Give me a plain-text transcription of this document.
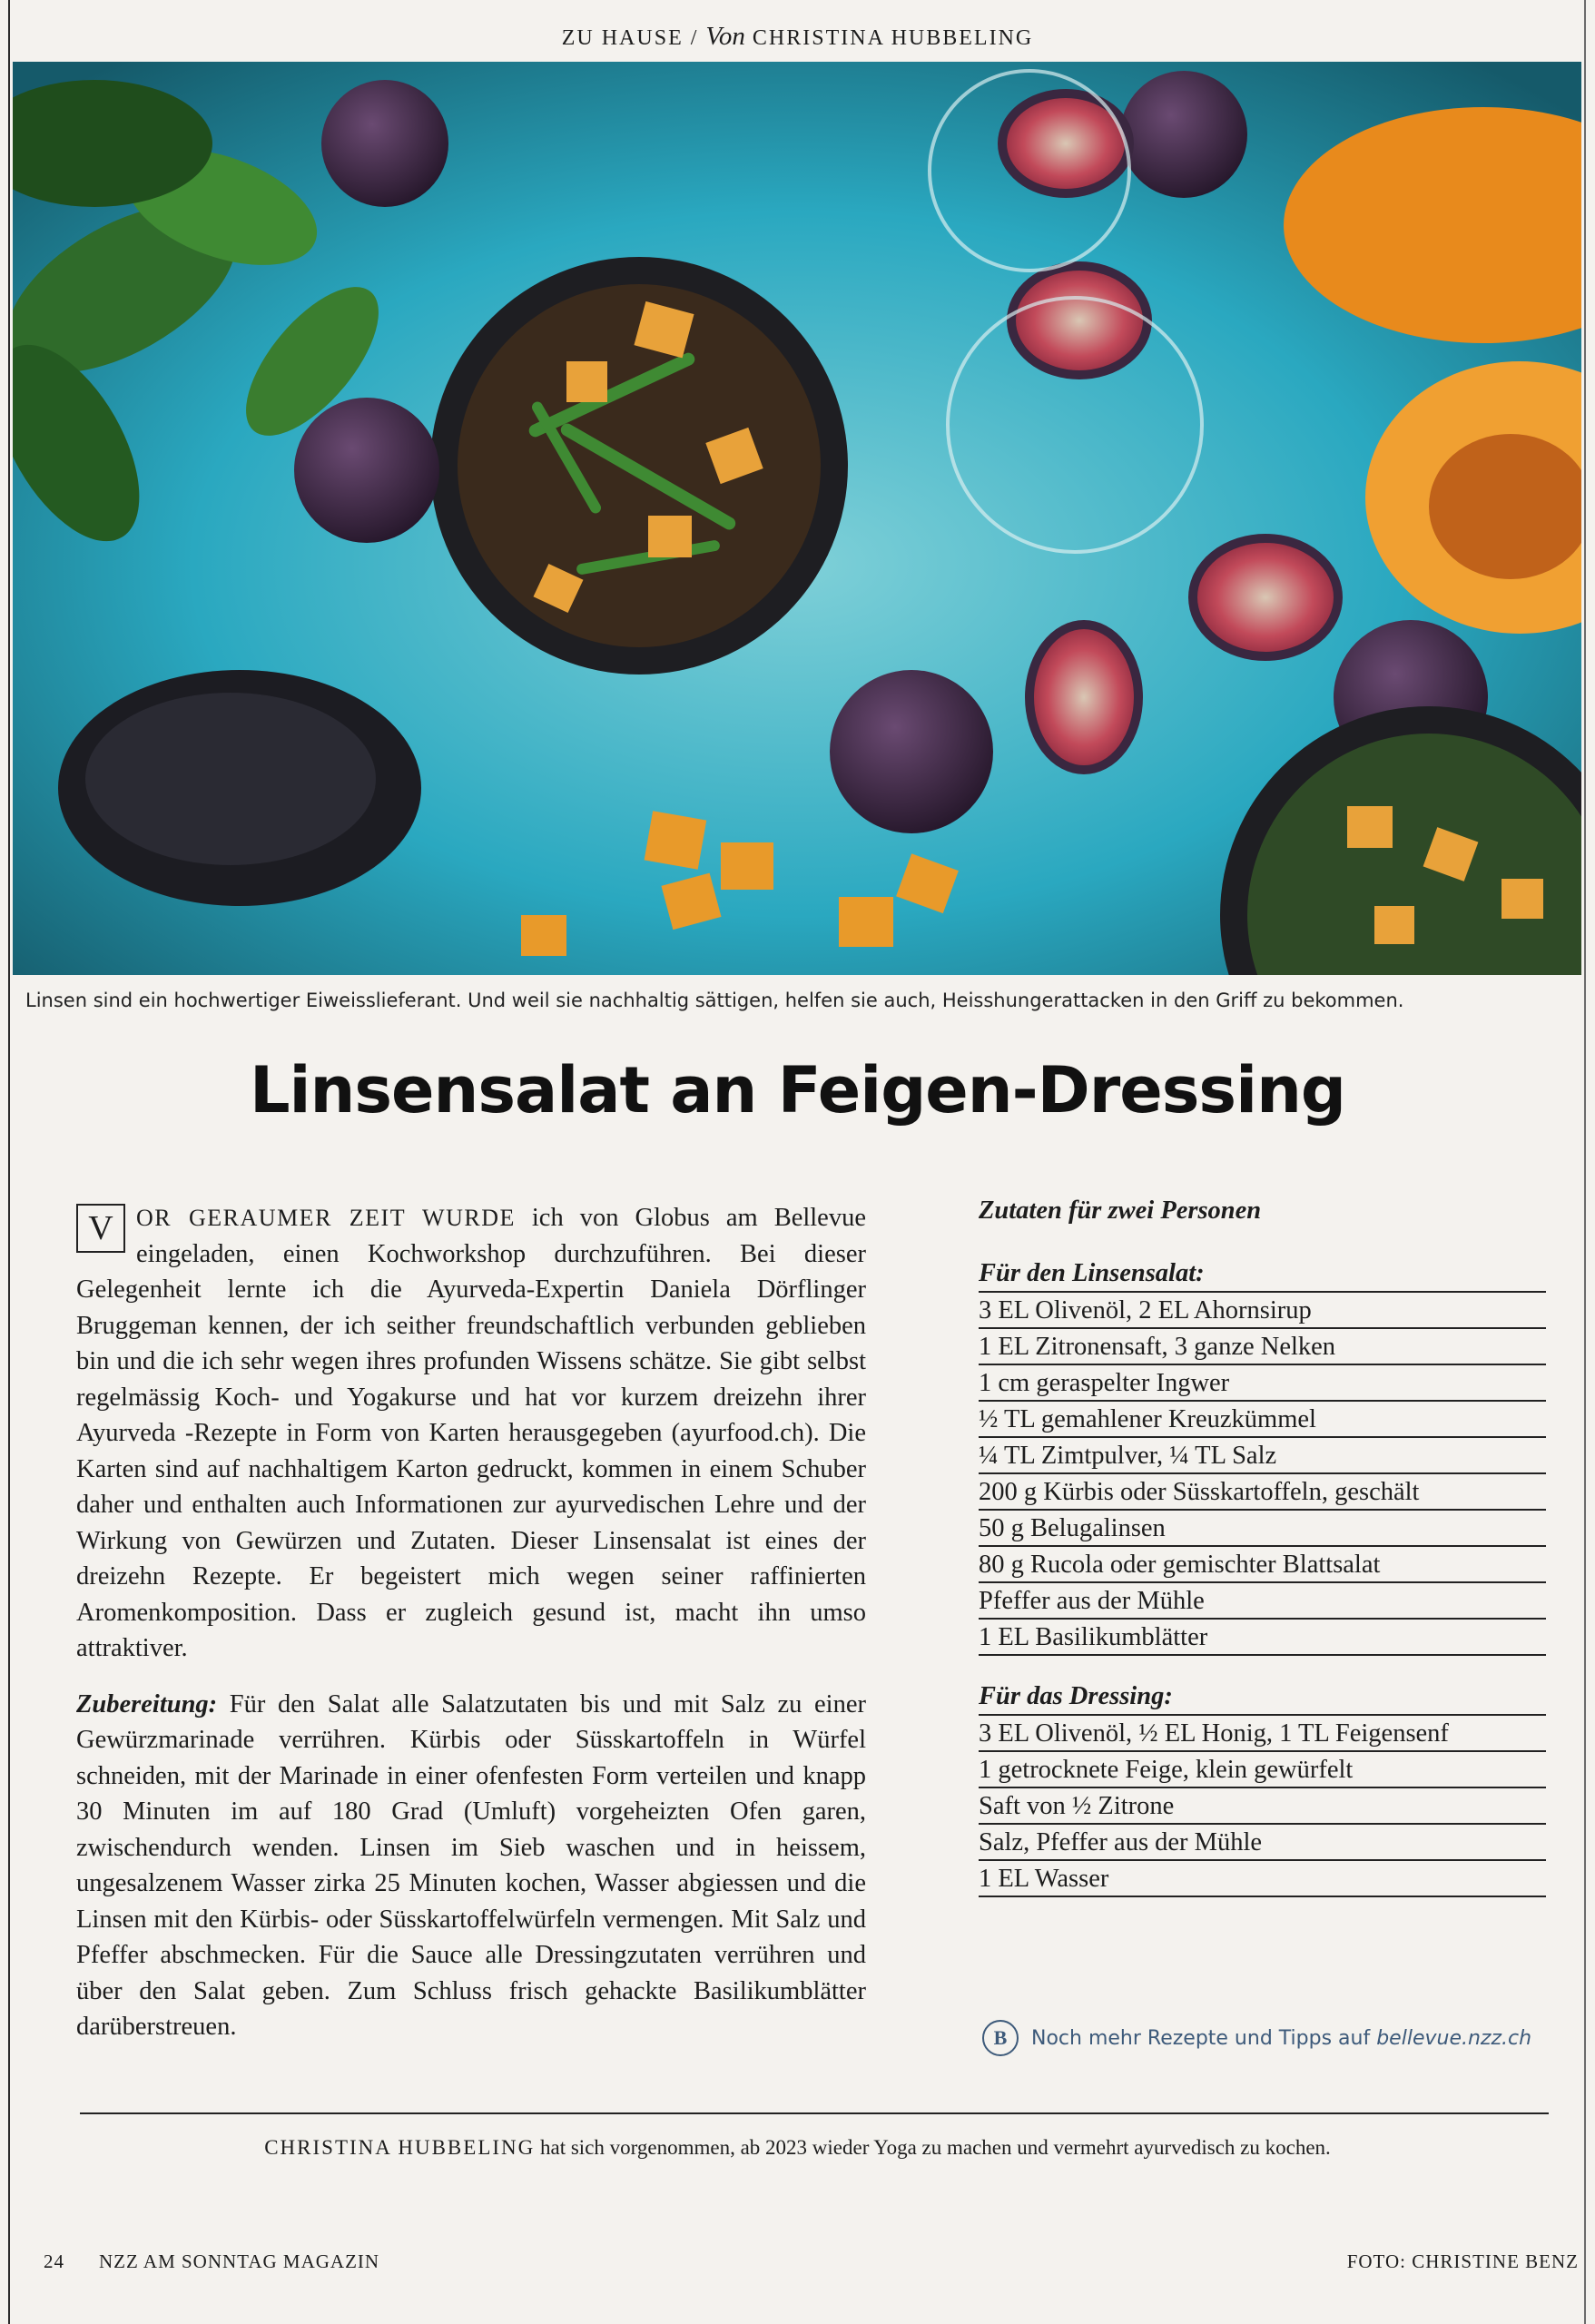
ZU HAUSE / Von CHRISTINA HUBBELING
Linsen sind ein hochwertiger Eiweisslieferant. Und weil sie nachhaltig sättigen, helfen sie auch, Heisshungerattacken in den Griff zu bekommen.
Linsensalat an Feigen-Dressing

V OR GERAUMER ZEIT WURDE ich von Globus am Bellevue eingeladen, einen Kochworkshop durchzuführen. Bei dieser Gelegenheit lernte ich die Ayurveda-Expertin Daniela Dörflinger Bruggeman kennen, der ich seither freundschaftlich verbunden geblieben bin und die ich sehr wegen ihres profunden Wissens schätze. Sie gibt selbst regelmässig Koch- und Yogakurse und hat vor kurzem dreizehn ihrer Ayurveda -Rezepte in Form von Karten herausgegeben (ayurfood.ch). Die Karten sind auf nachhaltigem Karton gedruckt, kommen in einem Schuber daher und enthalten auch Informationen zur ayurvedischen Lehre und der Wirkung von Gewürzen und Zutaten. Dieser Linsensalat ist eines der dreizehn Rezepte. Er begeistert mich wegen seiner raffinierten Aromenkomposition. Dass er zugleich gesund ist, macht ihn umso attraktiver.

Zubereitung: Für den Salat alle Salatzutaten bis und mit Salz zu einer Gewürzmarinade verrühren. Kürbis oder Süsskartoffeln in Würfel schneiden, mit der Marinade in einer ofenfesten Form verteilen und knapp 30 Minuten im auf 180 Grad (Umluft) vorgeheizten Ofen garen, zwischendurch wenden. Linsen im Sieb waschen und in heissem, ungesalzenem Wasser zirka 25 Minuten kochen, Wasser abgiessen und die Linsen mit den Kürbis- oder Süsskartoffelwürfeln vermengen. Mit Salz und Pfeffer abschmecken. Für die Sauce alle Dressingzutaten verrühren und über den Salat geben. Zum Schluss frisch gehackte Basilikumblätter darüberstreuen.

Zutaten für zwei Personen
Für den Linsensalat:
3 EL Olivenöl, 2 EL Ahornsirup
1 EL Zitronensaft, 3 ganze Nelken
1 cm geraspelter Ingwer
½ TL gemahlener Kreuzkümmel
¼ TL Zimtpulver, ¼ TL Salz
200 g Kürbis oder Süsskartoffeln, geschält
50 g Belugalinsen
80 g Rucola oder gemischter Blattsalat
Pfeffer aus der Mühle
1 EL Basilikumblätter
Für das Dressing:
3 EL Olivenöl, ½ EL Honig, 1 TL Feigensenf
1 getrocknete Feige, klein gewürfelt
Saft von ½ Zitrone
Salz, Pfeffer aus der Mühle
1 EL Wasser
B	Noch mehr Rezepte und Tipps auf
bellevue.nzz.ch
CHRISTINA HUBBELING hat sich vorgenommen, ab 2023 wieder Yoga zu machen und vermehrt ayurvedisch zu kochen.
24 NZZ AM SONNTAG MAGAZIN	FOTO: CHRISTINE BENZ
